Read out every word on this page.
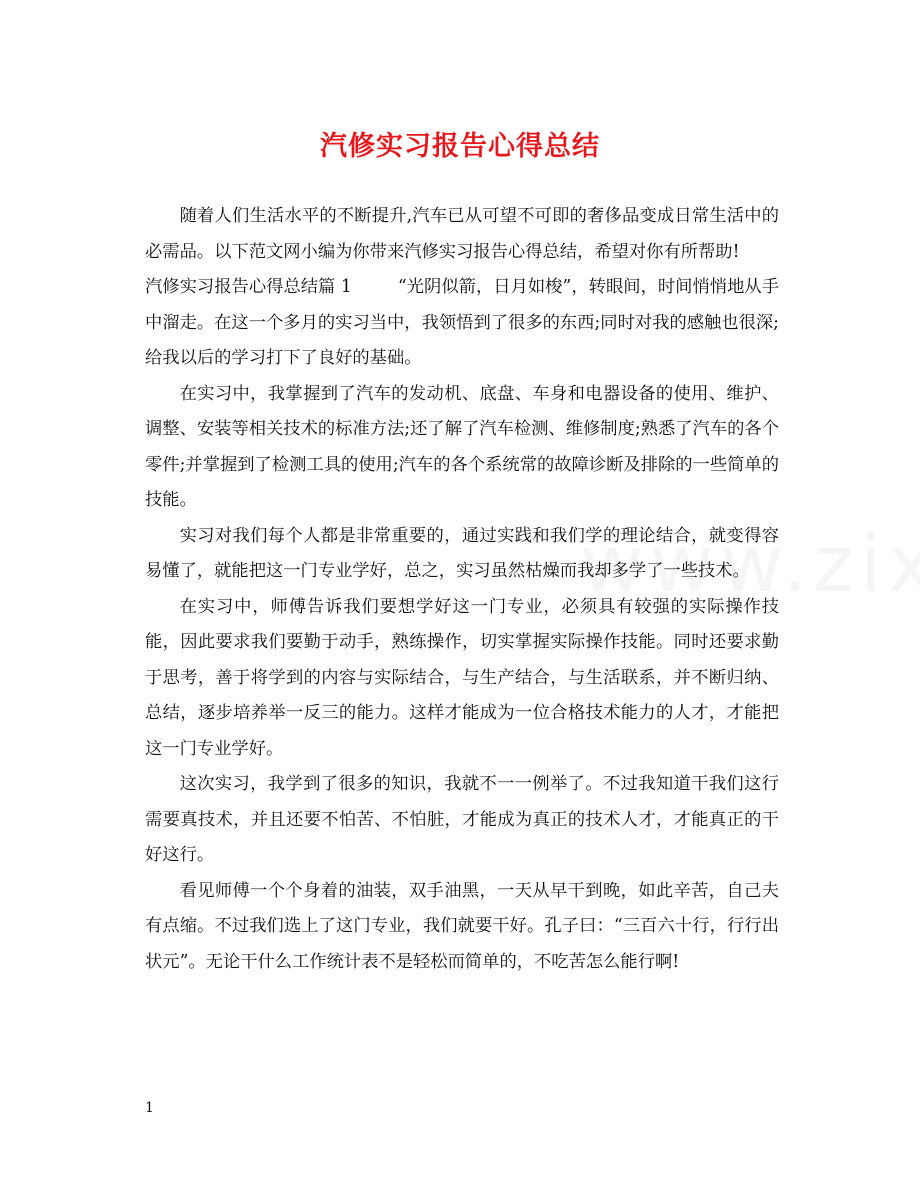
汽修实习报告心得总结

随着人们生活水平的不断提升,汽车已从可望不可即的奢侈品变成日常生活中的必需品。以下范文网小编为你带来汽修实习报告心得总结，希望对你有所帮助!

汽修实习报告心得总结篇 1	“光阴似箭，日月如梭”，转眼间，时间悄悄地从手中溜走。在这一个多月的实习当中，我领悟到了很多的东西;同时对我的感触也很深;给我以后的学习打下了良好的基础。

在实习中，我掌握到了汽车的发动机、底盘、车身和电器设备的使用、维护、调整、安装等相关技术的标准方法;还了解了汽车检测、维修制度;熟悉了汽车的各个零件;并掌握到了检测工具的使用;汽车的各个系统常的故障诊断及排除的一些简单的技能。

实习对我们每个人都是非常重要的，通过实践和我们学的理论结合，就变得容易懂了，就能把这一门专业学好，总之，实习虽然枯燥而我却多学了一些技术。

在实习中，师傅告诉我们要想学好这一门专业，必须具有较强的实际操作技能，因此要求我们要勤于动手，熟练操作，切实掌握实际操作技能。同时还要求勤于思考，善于将学到的内容与实际结合，与生产结合，与生活联系，并不断归纳、总结，逐步培养举一反三的能力。这样才能成为一位合格技术能力的人才，才能把这一门专业学好。

这次实习，我学到了很多的知识，我就不一一例举了。不过我知道干我们这行需要真技术，并且还要不怕苦、不怕脏，才能成为真正的技术人才，才能真正的干好这行。

看见师傅一个个身着的油装，双手油黑，一天从早干到晚，如此辛苦，自己夫有点缩。不过我们选上了这门专业，我们就要干好。孔子曰：“三百六十行，行行出状元”。无论干什么工作统计表不是轻松而简单的，不吃苦怎么能行啊!

1
